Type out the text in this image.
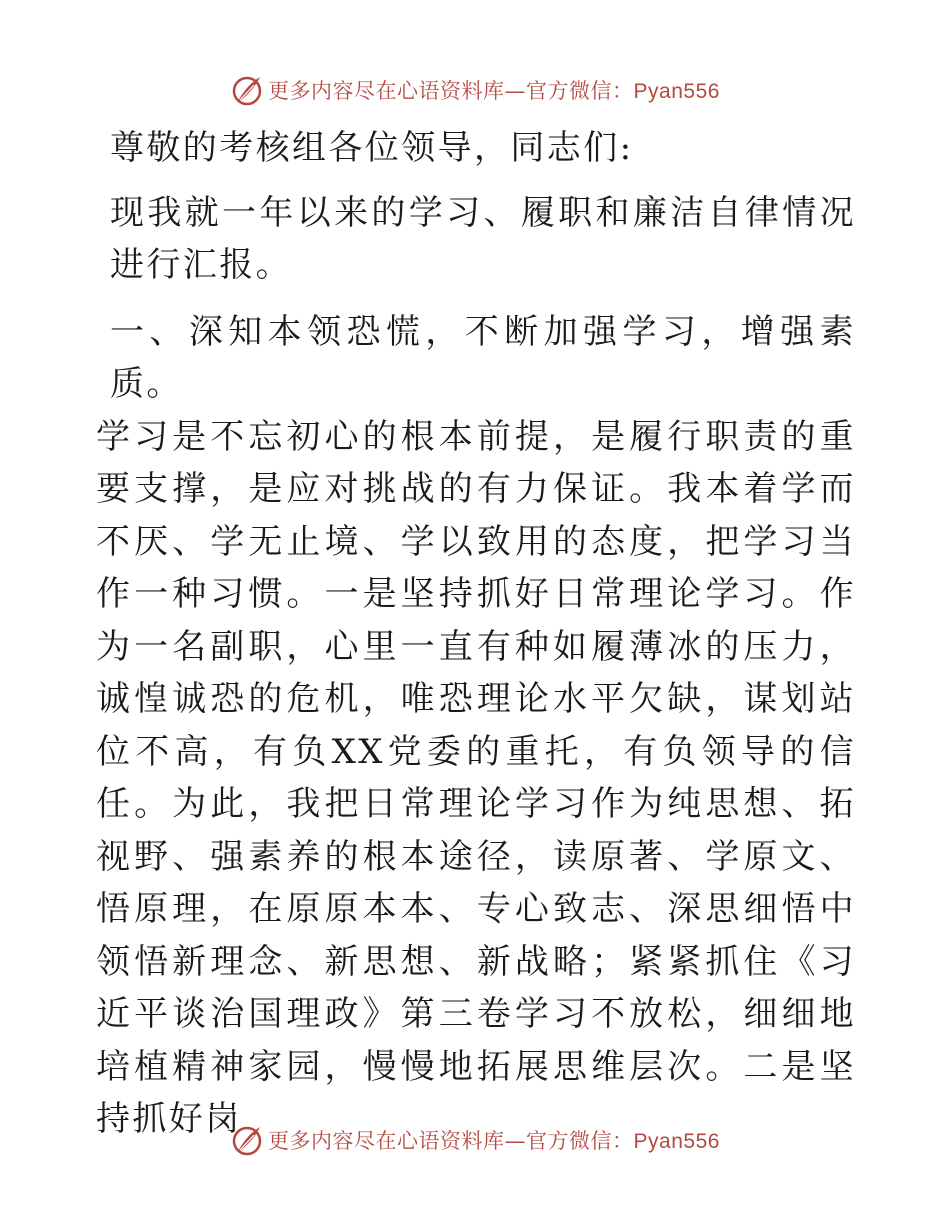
更多内容尽在心语资料库—官方微信：Pyan556

尊敬的考核组各位领导，同志们:

现我就一年以来的学习、履职和廉洁自律情况进行汇报。

一、深知本领恐慌，不断加强学习，增强素质。

学习是不忘初心的根本前提，是履行职责的重要支撑，是应对挑战的有力保证。我本着学而不厌、学无止境、学以致用的态度，把学习当作一种习惯。一是坚持抓好日常理论学习。作为一名副职，心里一直有种如履薄冰的压力，诚惶诚恐的危机，唯恐理论水平欠缺，谋划站位不高，有负XX党委的重托，有负领导的信任。为此，我把日常理论学习作为纯思想、拓视野、强素养的根本途径，读原著、学原文、悟原理，在原原本本、专心致志、深思细悟中领悟新理念、新思想、新战略；紧紧抓住《习近平谈治国理政》第三卷学习不放松，细细地培植精神家园，慢慢地拓展思维层次。二是坚持抓好岗

更多内容尽在心语资料库—官方微信：Pyan556
